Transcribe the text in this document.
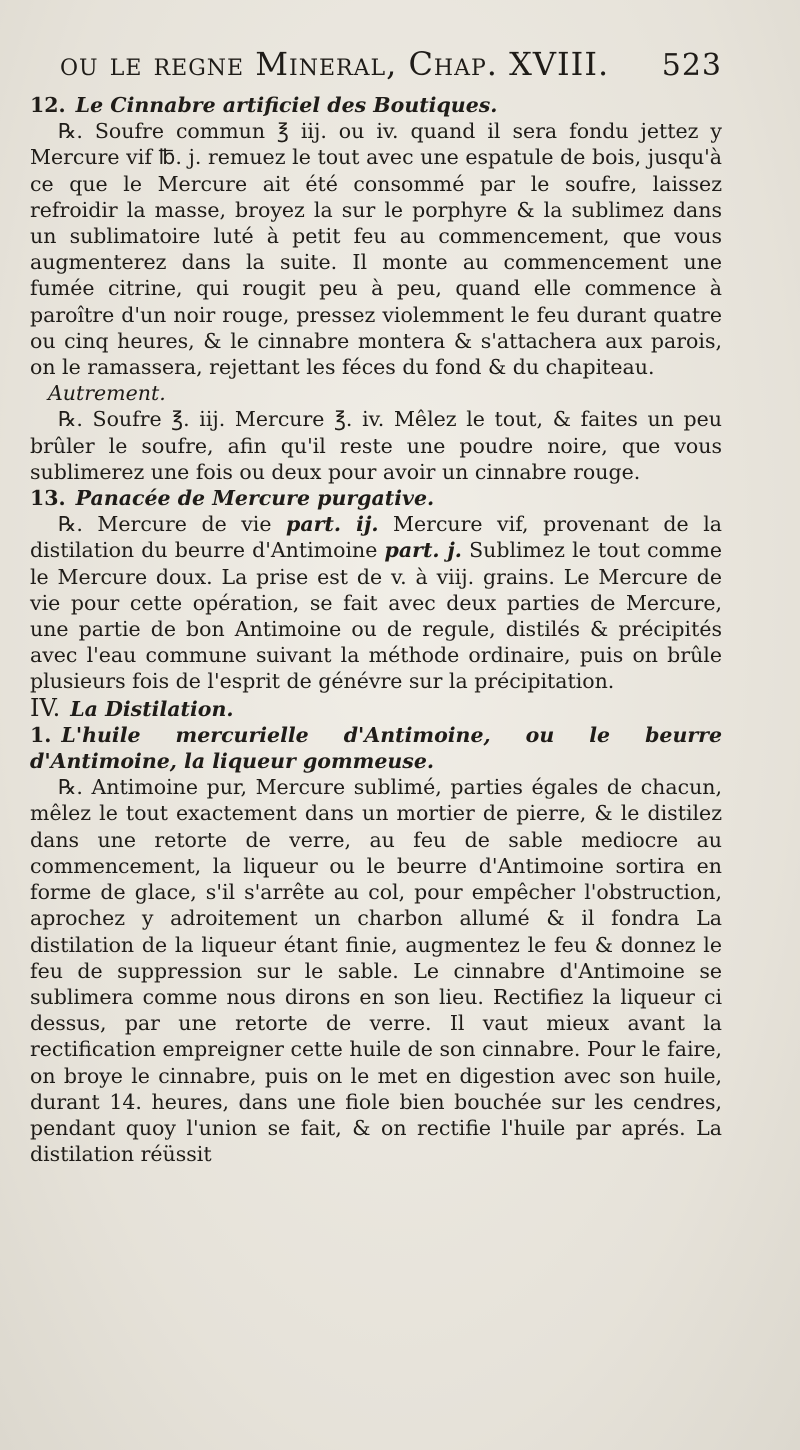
ou le regne Mineral, Chap. XVIII. 523

12. Le Cinnabre artificiel des Boutiques.

℞. Soufre commun ℥ iij. ou iv. quand il sera fondu jettez y Mercure vif ℔. j. remuez le tout avec une espatule de bois, jusqu'à ce que le Mercure ait été consommé par le soufre, laissez refroidir la masse, broyez la sur le porphyre & la sublimez dans un sublimatoire luté à petit feu au commencement, que vous augmenterez dans la suite. Il monte au commencement une fumée citrine, qui rougit peu à peu, quand elle commence à paroître d'un noir rouge, pressez violemment le feu durant quatre ou cinq heures, & le cinnabre montera & s'attachera aux parois, on le ramassera, rejettant les féces du fond & du chapiteau.

Autrement.

℞. Soufre ℥. iij. Mercure ℥. iv. Mêlez le tout, & faites un peu brûler le soufre, afin qu'il reste une poudre noire, que vous sublimerez une fois ou deux pour avoir un cinnabre rouge.

13. Panacée de Mercure purgative.

℞. Mercure de vie part. ij. Mercure vif, provenant de la distilation du beurre d'Antimoine part. j. Sublimez le tout comme le Mercure doux. La prise est de v. à viij. grains. Le Mercure de vie pour cette opération, se fait avec deux parties de Mercure, une partie de bon Antimoine ou de regule, distilés & précipités avec l'eau commune suivant la méthode ordinaire, puis on brûle plusieurs fois de l'esprit de génévre sur la précipitation.

IV. La Distilation.

1. L'huile mercurielle d'Antimoine, ou le beurre d'Antimoine, la liqueur gommeuse.

℞. Antimoine pur, Mercure sublimé, parties égales de chacun, mêlez le tout exactement dans un mortier de pierre, & le distilez dans une retorte de verre, au feu de sable mediocre au commencement, la liqueur ou le beurre d'Antimoine sortira en forme de glace, s'il s'arrête au col, pour empêcher l'obstruction, aprochez y adroitement un charbon allumé & il fondra La distilation de la liqueur étant finie, augmentez le feu & donnez le feu de suppression sur le sable. Le cinnabre d'Antimoine se sublimera comme nous dirons en son lieu. Rectifiez la liqueur ci dessus, par une retorte de verre. Il vaut mieux avant la rectification empreigner cette huile de son cinnabre. Pour le faire, on broye le cinnabre, puis on le met en digestion avec son huile, durant 14. heures, dans une fiole bien bouchée sur les cendres, pendant quoy l'union se fait, & on rectifie l'huile par aprés. La distilation réüssit
